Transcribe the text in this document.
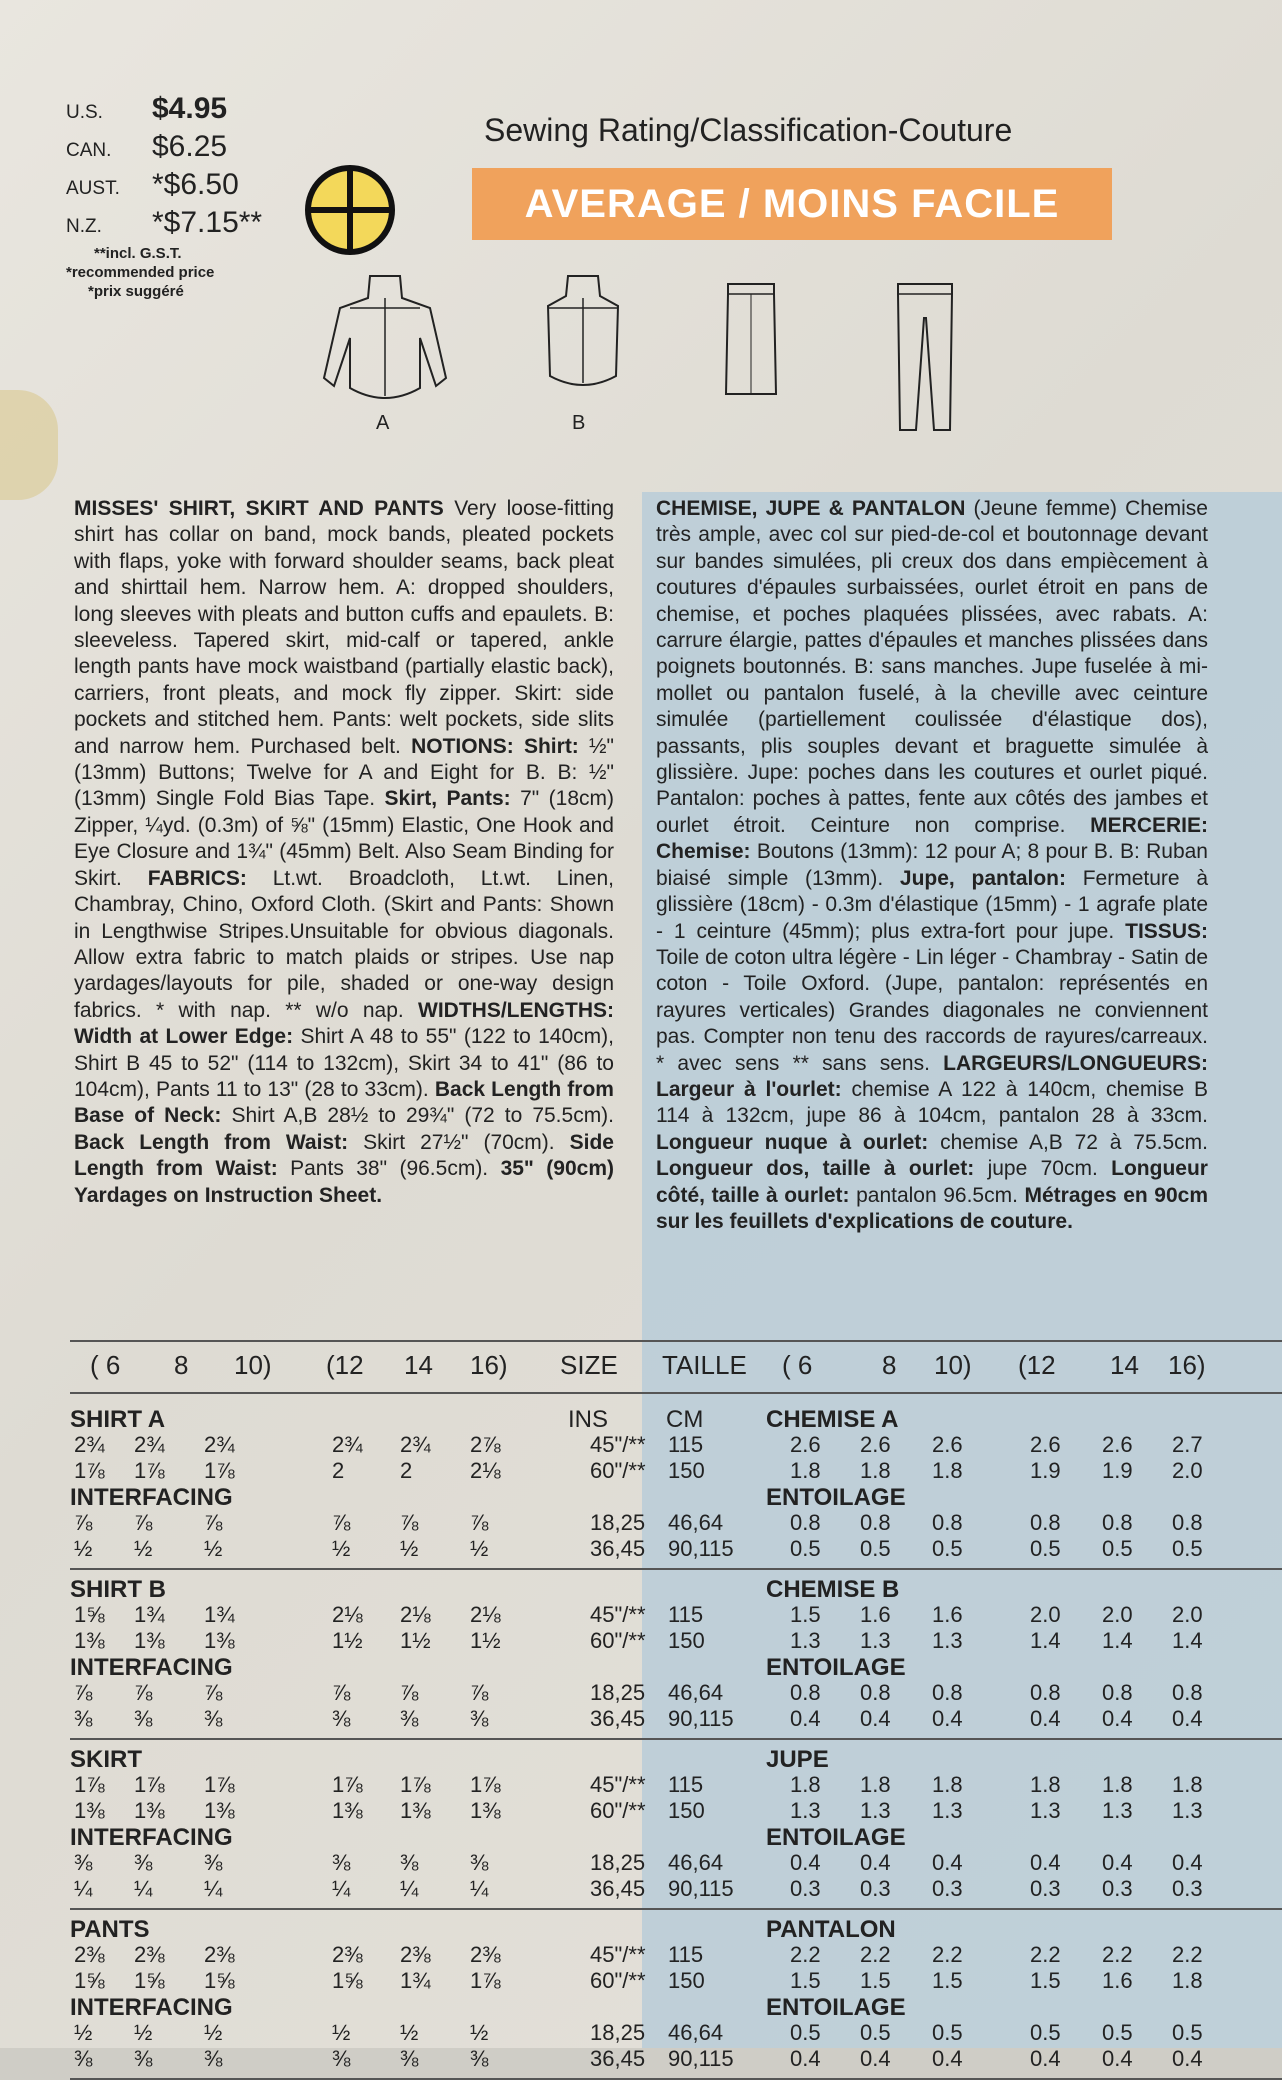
U.S.	$4.95
CAN.	$6.25
AUST.	*$6.50
N.Z.	*$7.15**
**incl. G.S.T.
*recommended price
*prix suggéré
Sewing Rating/Classification-Couture
AVERAGE / MOINS FACILE
A	B
MISSES' SHIRT, SKIRT AND PANTS Very loose-fitting shirt has collar on band, mock bands, pleated pockets with flaps, yoke with forward shoulder seams, back pleat and shirttail hem. Narrow hem. A: dropped shoulders, long sleeves with pleats and button cuffs and epaulets. B: sleeveless. Tapered skirt, mid-calf or tapered, ankle length pants have mock waistband (partially elastic back), carriers, front pleats, and mock fly zipper. Skirt: side pockets and stitched hem. Pants: welt pockets, side slits and narrow hem. Purchased belt. NOTIONS: Shirt: ½" (13mm) Buttons; Twelve for A and Eight for B. B: ½" (13mm) Single Fold Bias Tape. Skirt, Pants: 7" (18cm) Zipper, ¼yd. (0.3m) of ⅝" (15mm) Elastic, One Hook and Eye Closure and 1¾" (45mm) Belt. Also Seam Binding for Skirt. FABRICS: Lt.wt. Broadcloth, Lt.wt. Linen, Chambray, Chino, Oxford Cloth. (Skirt and Pants: Shown in Lengthwise Stripes.Unsuitable for obvious diagonals. Allow extra fabric to match plaids or stripes. Use nap yardages/layouts for pile, shaded or one-way design fabrics. * with nap. ** w/o nap. WIDTHS/LENGTHS: Width at Lower Edge: Shirt A 48 to 55" (122 to 140cm), Shirt B 45 to 52" (114 to 132cm), Skirt 34 to 41" (86 to 104cm), Pants 11 to 13" (28 to 33cm). Back Length from Base of Neck: Shirt A,B 28½ to 29¾" (72 to 75.5cm). Back Length from Waist: Skirt 27½" (70cm). Side Length from Waist: Pants 38" (96.5cm). 35" (90cm) Yardages on Instruction Sheet.
CHEMISE, JUPE & PANTALON (Jeune femme) Chemise très ample, avec col sur pied-de-col et boutonnage devant sur bandes simulées, pli creux dos dans empiècement à coutures d'épaules surbaissées, ourlet étroit en pans de chemise, et poches plaquées plissées, avec rabats. A: carrure élargie, pattes d'épaules et manches plissées dans poignets boutonnés. B: sans manches. Jupe fuselée à mi-mollet ou pantalon fuselé, à la cheville avec ceinture simulée (partiellement coulissée d'élastique dos), passants, plis souples devant et braguette simulée à glissière. Jupe: poches dans les coutures et ourlet piqué. Pantalon: poches à pattes, fente aux côtés des jambes et ourlet étroit. Ceinture non comprise. MERCERIE: Chemise: Boutons (13mm): 12 pour A; 8 pour B. B: Ruban biaisé simple (13mm). Jupe, pantalon: Fermeture à glissière (18cm) - 0.3m d'élastique (15mm) - 1 agrafe plate - 1 ceinture (45mm); plus extra-fort pour jupe. TISSUS: Toile de coton ultra légère - Lin léger - Chambray - Satin de coton - Toile Oxford. (Jupe, pantalon: représentés en rayures verticales) Grandes diagonales ne conviennent pas. Compter non tenu des raccords de rayures/carreaux. * avec sens ** sans sens. LARGEURS/LONGUEURS: Largeur à l'ourlet: chemise A 122 à 140cm, chemise B 114 à 132cm, jupe 86 à 104cm, pantalon 28 à 33cm. Longueur nuque à ourlet: chemise A,B 72 à 75.5cm. Longueur dos, taille à ourlet: jupe 70cm. Longueur côté, taille à ourlet: pantalon 96.5cm. Métrages en 90cm sur les feuillets d'explications de couture.
( 6 8 10) (12 14 16) SIZE TAILLE ( 6	8 10) (12 14 16)
INS CM
SHIRT A	CHEMISE A
2¾ 2¾ 2¾	2¾ 2¾ 2⅞	45"/** 115	2.6 2.6 2.6	2.6 2.6 2.7
1⅞ 1⅞ 1⅞	2	2	2⅛	60"/** 150	1.8 1.8 1.8	1.9 1.9 2.0
INTERFACING	ENTOILAGE
⅞ ⅞ ⅞	⅞ ⅞ ⅞	18,25 46,64	0.8 0.8 0.8	0.8 0.8 0.8
½ ½ ½	½ ½ ½	36,45 90,115	0.5 0.5 0.5	0.5 0.5 0.5
SHIRT B	CHEMISE B
1⅝ 1¾ 1¾	2⅛ 2⅛ 2⅛	45"/** 115	1.5 1.6 1.6	2.0 2.0 2.0
1⅜ 1⅜ 1⅜	1½ 1½ 1½	60"/** 150	1.3 1.3 1.3	1.4 1.4 1.4
INTERFACING	ENTOILAGE
⅞ ⅞ ⅞	⅞ ⅞ ⅞	18,25 46,64	0.8 0.8 0.8	0.8 0.8 0.8
⅜ ⅜ ⅜	⅜ ⅜ ⅜	36,45 90,115	0.4 0.4 0.4	0.4 0.4 0.4
SKIRT	JUPE
1⅞ 1⅞ 1⅞	1⅞ 1⅞ 1⅞	45"/** 115	1.8 1.8 1.8	1.8 1.8 1.8
1⅜ 1⅜ 1⅜	1⅜ 1⅜ 1⅜	60"/** 150	1.3 1.3 1.3	1.3 1.3 1.3
INTERFACING	ENTOILAGE
⅜ ⅜ ⅜	⅜ ⅜ ⅜	18,25 46,64	0.4 0.4 0.4	0.4 0.4 0.4
¼ ¼ ¼	¼ ¼ ¼	36,45 90,115	0.3 0.3 0.3	0.3 0.3 0.3
PANTS	PANTALON
2⅜ 2⅜ 2⅜	2⅜ 2⅜ 2⅜	45"/** 115	2.2 2.2 2.2	2.2 2.2 2.2
1⅝ 1⅝ 1⅝	1⅝ 1¾ 1⅞	60"/** 150	1.5 1.5 1.5	1.5 1.6 1.8
INTERFACING	ENTOILAGE
½ ½ ½	½ ½ ½	18,25 46,64	0.5 0.5 0.5	0.5 0.5 0.5
⅜ ⅜ ⅜	⅜ ⅜ ⅜	36,45 90,115	0.4 0.4 0.4	0.4 0.4 0.4
